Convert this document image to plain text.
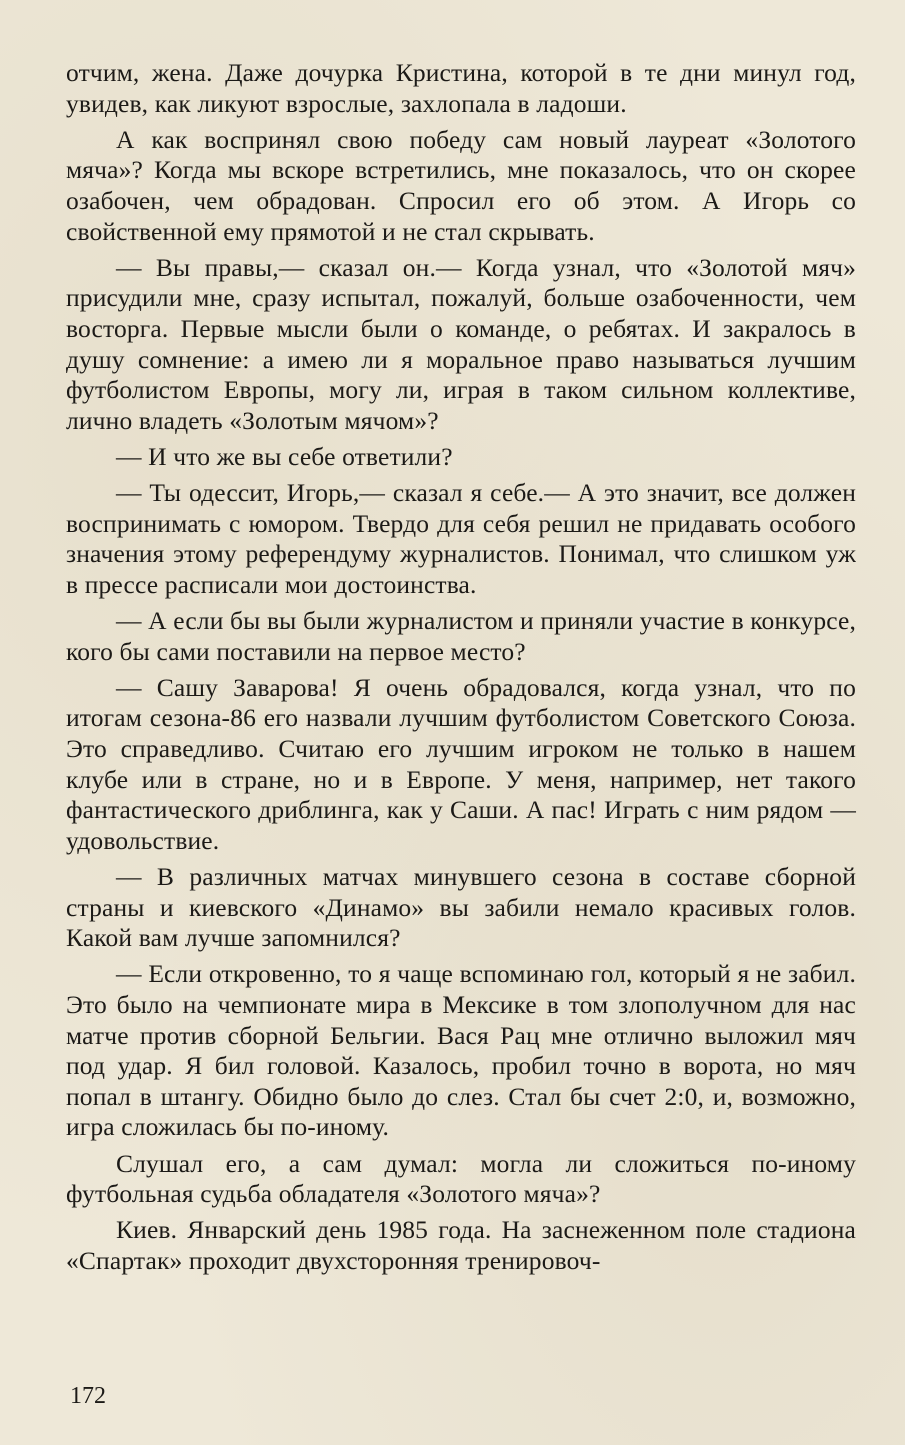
отчим, жена. Даже дочурка Кристина, которой в те дни минул год, увидев, как ликуют взрослые, захлопала в ладоши.

А как воспринял свою победу сам новый лауреат «Золотого мяча»? Когда мы вскоре встретились, мне показалось, что он скорее озабочен, чем обрадован. Спросил его об этом. А Игорь со свойственной ему прямотой и не стал скрывать.

— Вы правы,— сказал он.— Когда узнал, что «Золотой мяч» присудили мне, сразу испытал, пожалуй, больше озабоченности, чем восторга. Первые мысли были о команде, о ребятах. И закралось в душу сомнение: а имею ли я моральное право называться лучшим футболистом Европы, могу ли, играя в таком сильном коллективе, лично владеть «Золотым мячом»?

— И что же вы себе ответили?

— Ты одессит, Игорь,— сказал я себе.— А это значит, все должен воспринимать с юмором. Твердо для себя решил не придавать особого значения этому референдуму журналистов. Понимал, что слишком уж в прессе расписали мои достоинства.

— А если бы вы были журналистом и приняли участие в конкурсе, кого бы сами поставили на первое место?

— Сашу Заварова! Я очень обрадовался, когда узнал, что по итогам сезона-86 его назвали лучшим футболистом Советского Союза. Это справедливо. Считаю его лучшим игроком не только в нашем клубе или в стране, но и в Европе. У меня, например, нет такого фантастического дриблинга, как у Саши. А пас! Играть с ним рядом — удовольствие.

— В различных матчах минувшего сезона в составе сборной страны и киевского «Динамо» вы забили немало красивых голов. Какой вам лучше запомнился?

— Если откровенно, то я чаще вспоминаю гол, который я не забил. Это было на чемпионате мира в Мексике в том злополучном для нас матче против сборной Бельгии. Вася Рац мне отлично выложил мяч под удар. Я бил головой. Казалось, пробил точно в ворота, но мяч попал в штангу. Обидно было до слез. Стал бы счет 2:0, и, возможно, игра сложилась бы по-иному.

Слушал его, а сам думал: могла ли сложиться по-иному футбольная судьба обладателя «Золотого мяча»?

Киев. Январский день 1985 года. На заснеженном поле стадиона «Спартак» проходит двухсторонняя тренировоч-

172
